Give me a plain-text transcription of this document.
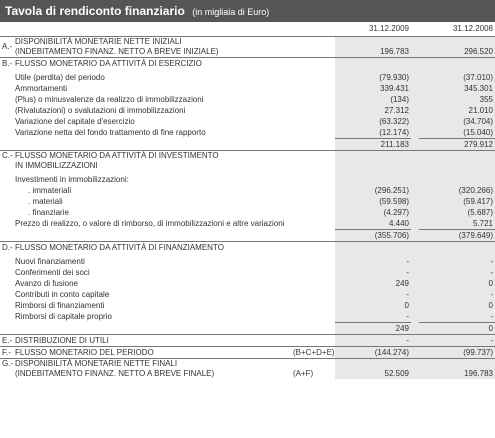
Tavola di rendiconto finanziario (in migliaia di Euro)
			31.12.2009		31.12.2008
A.-	DISPONIBILITÀ MONETARIE NETTE INIZIALI
(INDEBITAMENTO FINANZ. NETTO A BREVE INIZIALE)		196.783		296.520
B.-	FLUSSO MONETARIO DA ATTIVITÀ DI ESERCIZIO				

	Utile (perdita) del periodo		(79.930)		(37.010)
	Ammortamenti		339.431		345.301
	(Plus) o minusvalenze da realizzo di immobilizzazioni		(134)		355
	(Rivalutazioni) o svalutazioni di immobilizzazioni		27.312		21.010
	Variazione del capitale d'esercizio		(63.322)		(34.704)
	Variazione netta del fondo trattamento di fine rapporto		(12.174)		(15.040)
			211.183		279.912
C.-	FLUSSO MONETARIO DA ATTIVITÀ DI INVESTIMENTO
IN IMMOBILIZZAZIONI				

	Investimenti in immobilizzazioni:				
	. immateriali		(296.251)		(320.266)
	. materiali		(59.598)		(59.417)
	. finanziarie		(4.297)		(5.687)
	Prezzo di realizzo, o valore di rimborso, di immobilizzazioni e altre variazioni		4.440		5.721
			(355.706)		(379.649)
D.-	FLUSSO MONETARIO DA ATTIVITÀ DI FINANZIAMENTO				

	Nuovi finanziamenti		-		-
	Conferimenti dei soci		-		-
	Avanzo di fusione		249		0
	Contributi in conto capitale		-		-
	Rimborsi di finanziamenti		0		0
	Rimborsi di capitale proprio		-		-
			249		0
E.-	DISTRIBUZIONE DI UTILI		-		-
F.-	FLUSSO MONETARIO DEL PERIODO	(B+C+D+E)	(144.274)		(99.737)
G.-	DISPONIBILITÀ MONETARIE NETTE FINALI
(INDEBITAMENTO FINANZ. NETTO A BREVE FINALE)	(A+F)	52.509		196.783
